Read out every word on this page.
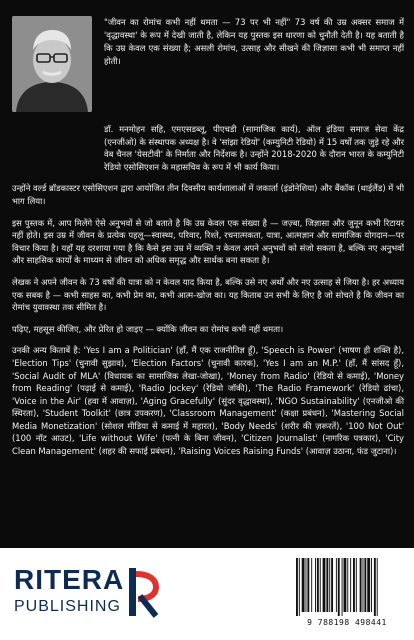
"जीवन का रोमांच कभी नहीं थमता — 73 पर भी नहीं" 73 वर्ष की उम्र अक्सर समाज में 'वृद्धावस्था' के रूप में देखी जाती है, लेकिन यह पुस्तक इस धारणा को चुनौती देती है। यह बताती है कि उम्र केवल एक संख्या है; असली रोमांच, उत्साह और सीखने की जिज्ञासा कभी भी समाप्त नहीं होती।

डॉ. मनमोहन सहि, एमएसडब्लू, पीएचडी (सामाजिक कार्य), ऑल इंडिया समाज सेवा केंद्र (एनजीओ) के संस्थापक अध्यक्ष है। वे 'सांझा रेडियो' (कम्युनिटी रेडियो) में 15 वर्षों तक जुड़े रहे और वेब चैनल 'येसटीवी' के निर्माता और निर्देशक है। उन्होंने 2018-2020 के दौरान भारत के कम्युनिटी रेडियो एसोसिएशन के महासचिव के रूप में भी कार्य किया।

उन्होंने वर्ल्ड ब्रॉडकास्टर एसोसिएशन द्वारा आयोजित तीन दिवसीय कार्यशालाओं में जकार्ता (इंडोनेशिया) और बैंकॉक (थाईलैंड) में भी भाग लिया।

इस पुस्तक में, आप मिलेंगे ऐसे अनुभवों से जो बताते है कि उम्र केवल एक संख्या है — जज़्बा, जिज्ञासा और जुनून कभी रिटायर नहीं होते। इस उम्र में जीवन के प्रत्येक पहलू—स्वास्थ्य, परिवार, रिश्ते, रचनात्मकता, यात्रा, आत्मज्ञान और सामाजिक योगदान—पर विचार किया है। यहाँ यह दरशाया गया है कि कैसे इस उम्र में व्यक्ति न केवल अपने अनुभवों को संजो सकता है, बल्कि नए अनुभवों और साहसिक कार्यों के माध्यम से जीवन को अधिक समृद्ध और सार्थक बना सकता है।

लेखक ने अपने जीवन के 73 वर्षों की यात्रा को न केवल याद किया है, बल्कि उसे नए अर्थों और नए उत्साह से जिया है। हर अध्याय एक सबक है — कभी साहस का, कभी प्रेम का, कभी आत्म-खोज का। यह किताब उन सभी के लिए है जो सोचते है कि जीवन का रोमांच युवावस्था तक सीमित है।

पढ़िए, महसूस कीजिए, और प्रेरित हो जाइए — क्योंकि जीवन का रोमांच कभी नहीं थमता।

उनकी अन्य किताबें है: 'Yes I am a Politician' (हाँ, मैं एक राजनीतिज्ञ हूँ), 'Speech is Power' (भाषण ही शक्ति है), 'Election Tips' (चुनावी सुझाव), 'Election Factors' (चुनावी कारक), 'Yes I am an M.P.' (हाँ, मैं सांसद हूँ), 'Social Audit of MLA' (विधायक का सामाजिक लेखा-जोखा), 'Money from Radio' (रेडियो से कमाई), 'Money from Reading' (पढ़ाई से कमाई), 'Radio Jockey' (रेडियो जॉकी), 'The Radio Framework' (रेडियो ढांचा), 'Voice in the Air' (हवा में आवाज़), 'Aging Gracefully' (सुंदर वृद्धावस्था), 'NGO Sustainability' (एनजीओ की स्थिरता), 'Student Toolkit' (छात्र उपकरण), 'Classroom Management' (कक्षा प्रबंधन), 'Mastering Social Media Monetization' (सोशल मीडिया से कमाई में महारत), 'Body Needs' (शरीर की ज़रूरतें), '100 Not Out' (100 नॉट आउट), 'Life without Wife' (पत्नी के बिना जीवन), 'Citizen Journalist' (नागरिक पत्रकार), 'City Clean Management' (शहर की सफाई प्रबंधन), 'Raising Voices Raising Funds' (आवाज़ उठाना, फंड जुटाना)।

RITERA
PUBLISHING
9 788198 498441
